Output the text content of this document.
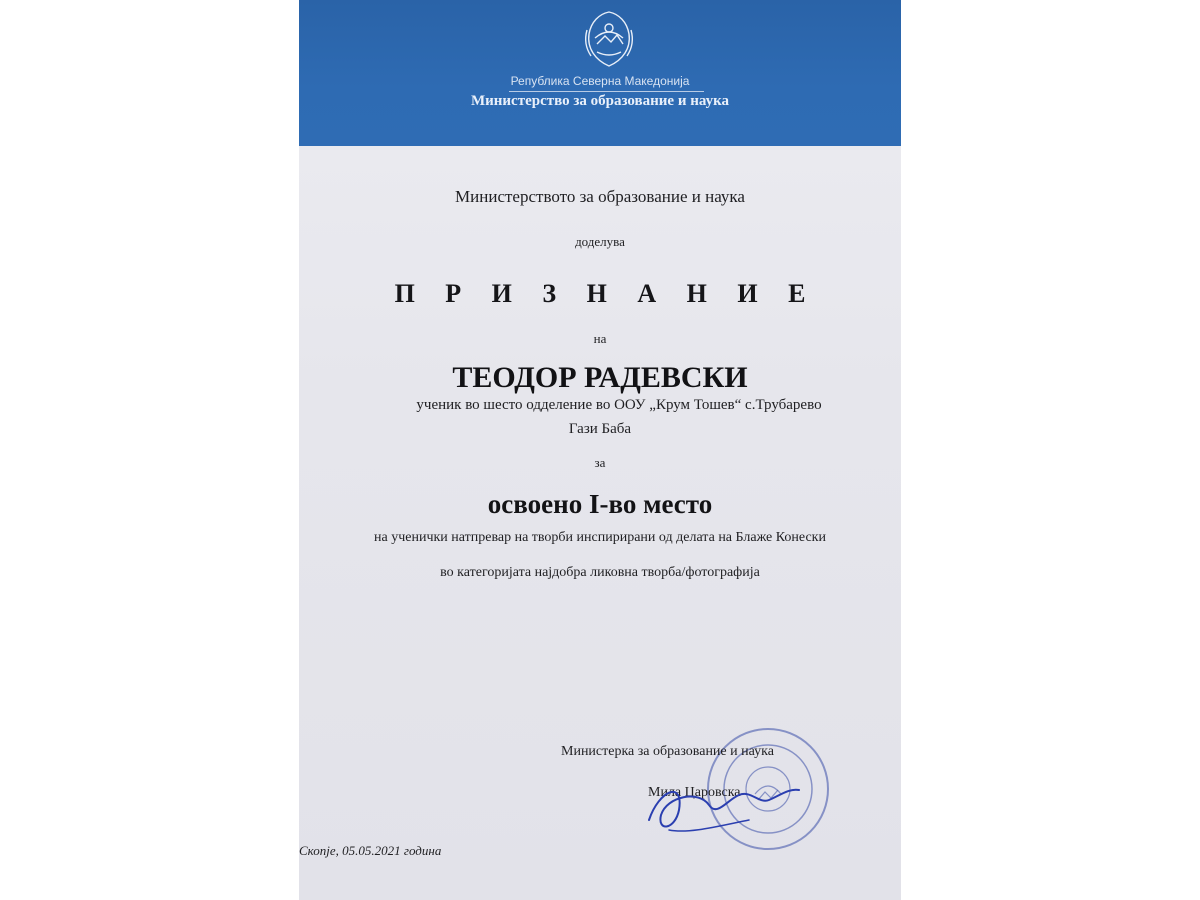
Република Северна Македонија
Министерство за образование и наука
Министерството за образование и наука
доделува
П Р И З Н А Н И Е
на
ТЕОДОР РАДЕВСКИ
ученик во шесто одделение во ООУ „Крум Тошев“ с.Трубарево
Гази Баба
за
освоено I-во место
на ученички натпревар на творби инспирирани од делата на Блаже Конески
во категоријата најдобра ликовна творба/фотографија
Министерка за образование и наука
Мила Царовска
Скопје, 05.05.2021 година
